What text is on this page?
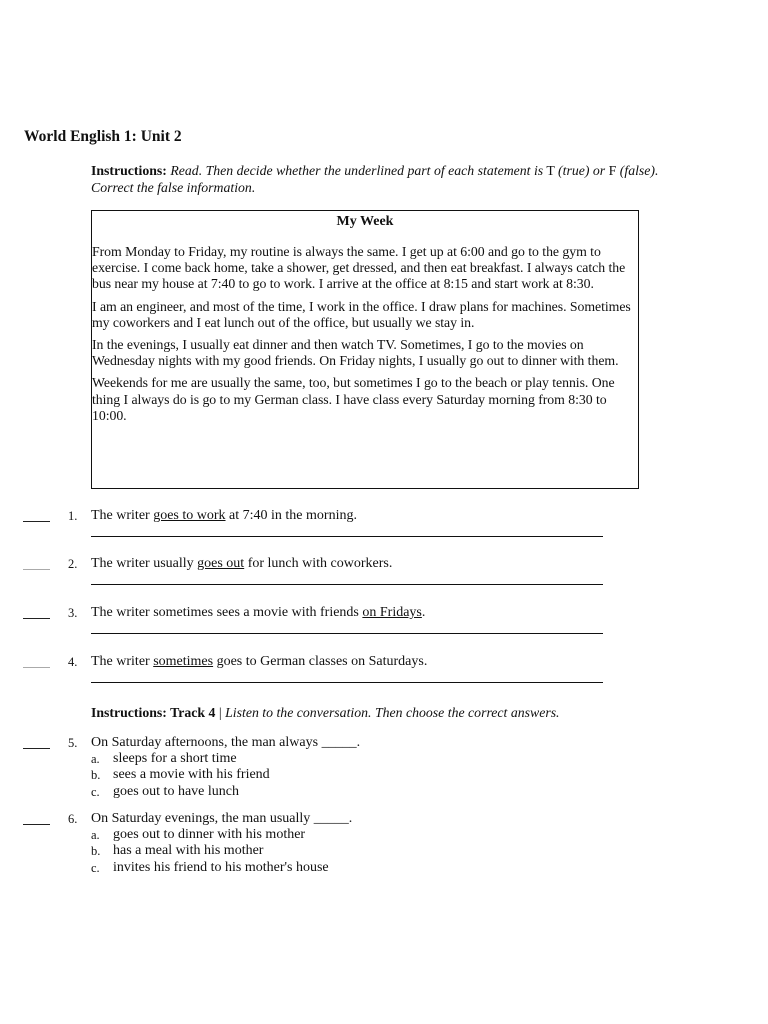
World English 1: Unit 2
Instructions: Read. Then decide whether the underlined part of each statement is T (true) or F (false). Correct the false information.
My Week

From Monday to Friday, my routine is always the same. I get up at 6:00 and go to the gym to exercise. I come back home, take a shower, get dressed, and then eat breakfast. I always catch the bus near my house at 7:40 to go to work. I arrive at the office at 8:15 and start work at 8:30.

I am an engineer, and most of the time, I work in the office. I draw plans for machines. Sometimes my coworkers and I eat lunch out of the office, but usually we stay in.

In the evenings, I usually eat dinner and then watch TV. Sometimes, I go to the movies on Wednesday nights with my good friends. On Friday nights, I usually go out to dinner with them.

Weekends for me are usually the same, too, but sometimes I go to the beach or play tennis. One thing I always do is go to my German class. I have class every Saturday morning from 8:30 to 10:00.

1. The writer goes to work at 7:40 in the morning.
2. The writer usually goes out for lunch with coworkers.
3. The writer sometimes sees a movie with friends on Fridays.
4. The writer sometimes goes to German classes on Saturdays.
Instructions: Track 4 | Listen to the conversation. Then choose the correct answers.
5. On Saturday afternoons, the man always _____.
a. sleeps for a short time
b. sees a movie with his friend
c. goes out to have lunch
6. On Saturday evenings, the man usually _____.
a. goes out to dinner with his mother
b. has a meal with his mother
c. invites his friend to his mother's house
